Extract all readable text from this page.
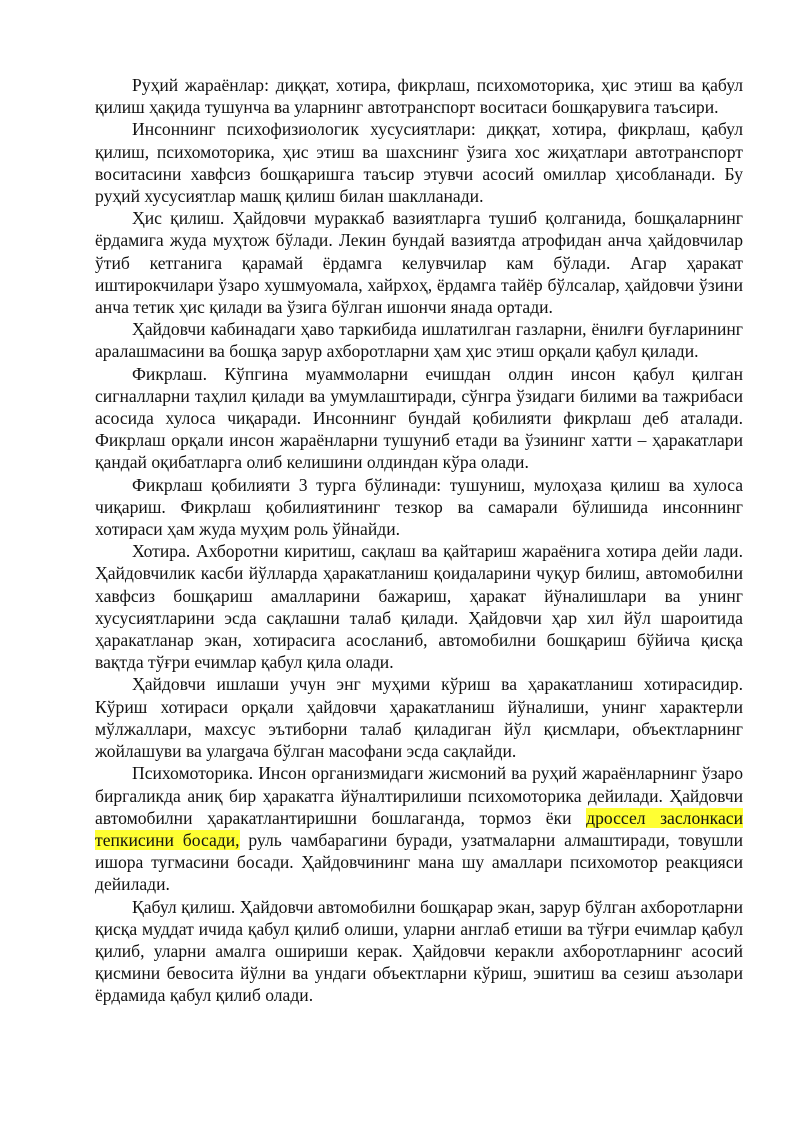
Руҳий жараёнлар: диққат, хотира, фикрлаш, психомоторика, ҳис этиш ва қабул қилиш ҳақида тушунча ва уларнинг автотранспорт воситаси бошқарувига таъсири.

Инсоннинг психофизиологик хусусиятлари: диққат, хотира, фикрлаш, қабул қилиш, психомоторика, ҳис этиш ва шахснинг ўзига хос жиҳатлари автотранспорт воситасини хавфсиз бошқаришга таъсир этувчи асосий омиллар ҳисобланади. Бу руҳий хусусиятлар машқ қилиш билан шаклланади.

Ҳис қилиш. Ҳайдовчи мураккаб вазиятларга тушиб қолганида, бошқаларнинг ёрдамига жуда муҳтож бўлади. Лекин бундай вазиятда атрофидан анча ҳайдовчилар ўтиб кетганига қарамай ёрдамга келувчилар кам бўлади. Агар ҳаракат иштирокчилари ўзаро хушмуомала, хайрхоҳ, ёрдамга тайёр бўлсалар, ҳайдовчи ўзини анча тетик ҳис қилади ва ўзига бўлган ишончи янада ортади.

Ҳайдовчи кабинадаги ҳаво таркибида ишлатилган газларни, ёнилғи буғларининг аралашмасини ва бошқа зарур ахборотларни ҳам ҳис этиш орқали қабул қилади.

Фикрлаш. Кўпгина муаммоларни ечишдан олдин инсон қабул қилган сигналларни таҳлил қилади ва умумлаштиради, сўнгра ўзидаги билими ва тажрибаси асосида хулоса чиқаради. Инсоннинг бундай қобилияти фикрлаш деб аталади. Фикрлаш орқали инсон жараёнларни тушуниб етади ва ўзининг хатти – ҳаракатлари қандай оқибатларга олиб келишини олдиндан кўра олади.

Фикрлаш қобилияти 3 турга бўлинади: тушуниш, мулоҳаза қилиш ва хулоса чиқариш. Фикрлаш қобилиятининг тезкор ва самарали бўлишида инсоннинг хотираси ҳам жуда муҳим роль ўйнайди.

Хотира. Ахборотни киритиш, сақлаш ва қайтариш жараёнига хотира дейи лади. Ҳайдовчилик касби йўлларда ҳаракатланиш қоидаларини чуқур билиш, автомобилни хавфсиз бошқариш амалларини бажариш, ҳаракат йўналишлари ва унинг хусусиятларини эсда сақлашни талаб қилади. Ҳайдовчи ҳар хил йўл шароитида ҳаракатланар экан, хотирасига асосланиб, автомобилни бошқариш бўйича қисқа вақтда тўғри ечимлар қабул қила олади.

Ҳайдовчи ишлаши учун энг муҳими кўриш ва ҳаракатланиш хотирасидир. Кўриш хотираси орқали ҳайдовчи ҳаракатланиш йўналиши, унинг характерли мўлжаллари, махсус эътиборни талаб қиладиган йўл қисмлари, объектларнинг жойлашуви ва улargача бўлган масофани эсда сақлайди.

Психомоторика. Инсон организмидаги жисмоний ва руҳий жараёнларнинг ўзаро биргаликда аниқ бир ҳаракатга йўналтирилиши психомоторика дейилади. Ҳайдовчи автомобилни ҳаракатлантиришни бошлаганда, тормоз ёки дроссел заслонкаси тепкисини босади, руль чамбарагини буради, узатмаларни алмаштиради, товушли ишора тугмасини босади. Ҳайдовчининг мана шу амаллари психомотор реакцияси дейилади.

Қабул қилиш. Ҳайдовчи автомобилни бошқарар экан, зарур бўлган ахборотларни қисқа муддат ичида қабул қилиб олиши, уларни англаб етиши ва тўғри ечимлар қабул қилиб, уларни амалга ошириши керак. Ҳайдовчи керакли ахборотларнинг асосий қисмини бевосита йўлни ва ундаги объектларни кўриш, эшитиш ва сезиш аъзолари ёрдамида қабул қилиб олади.
